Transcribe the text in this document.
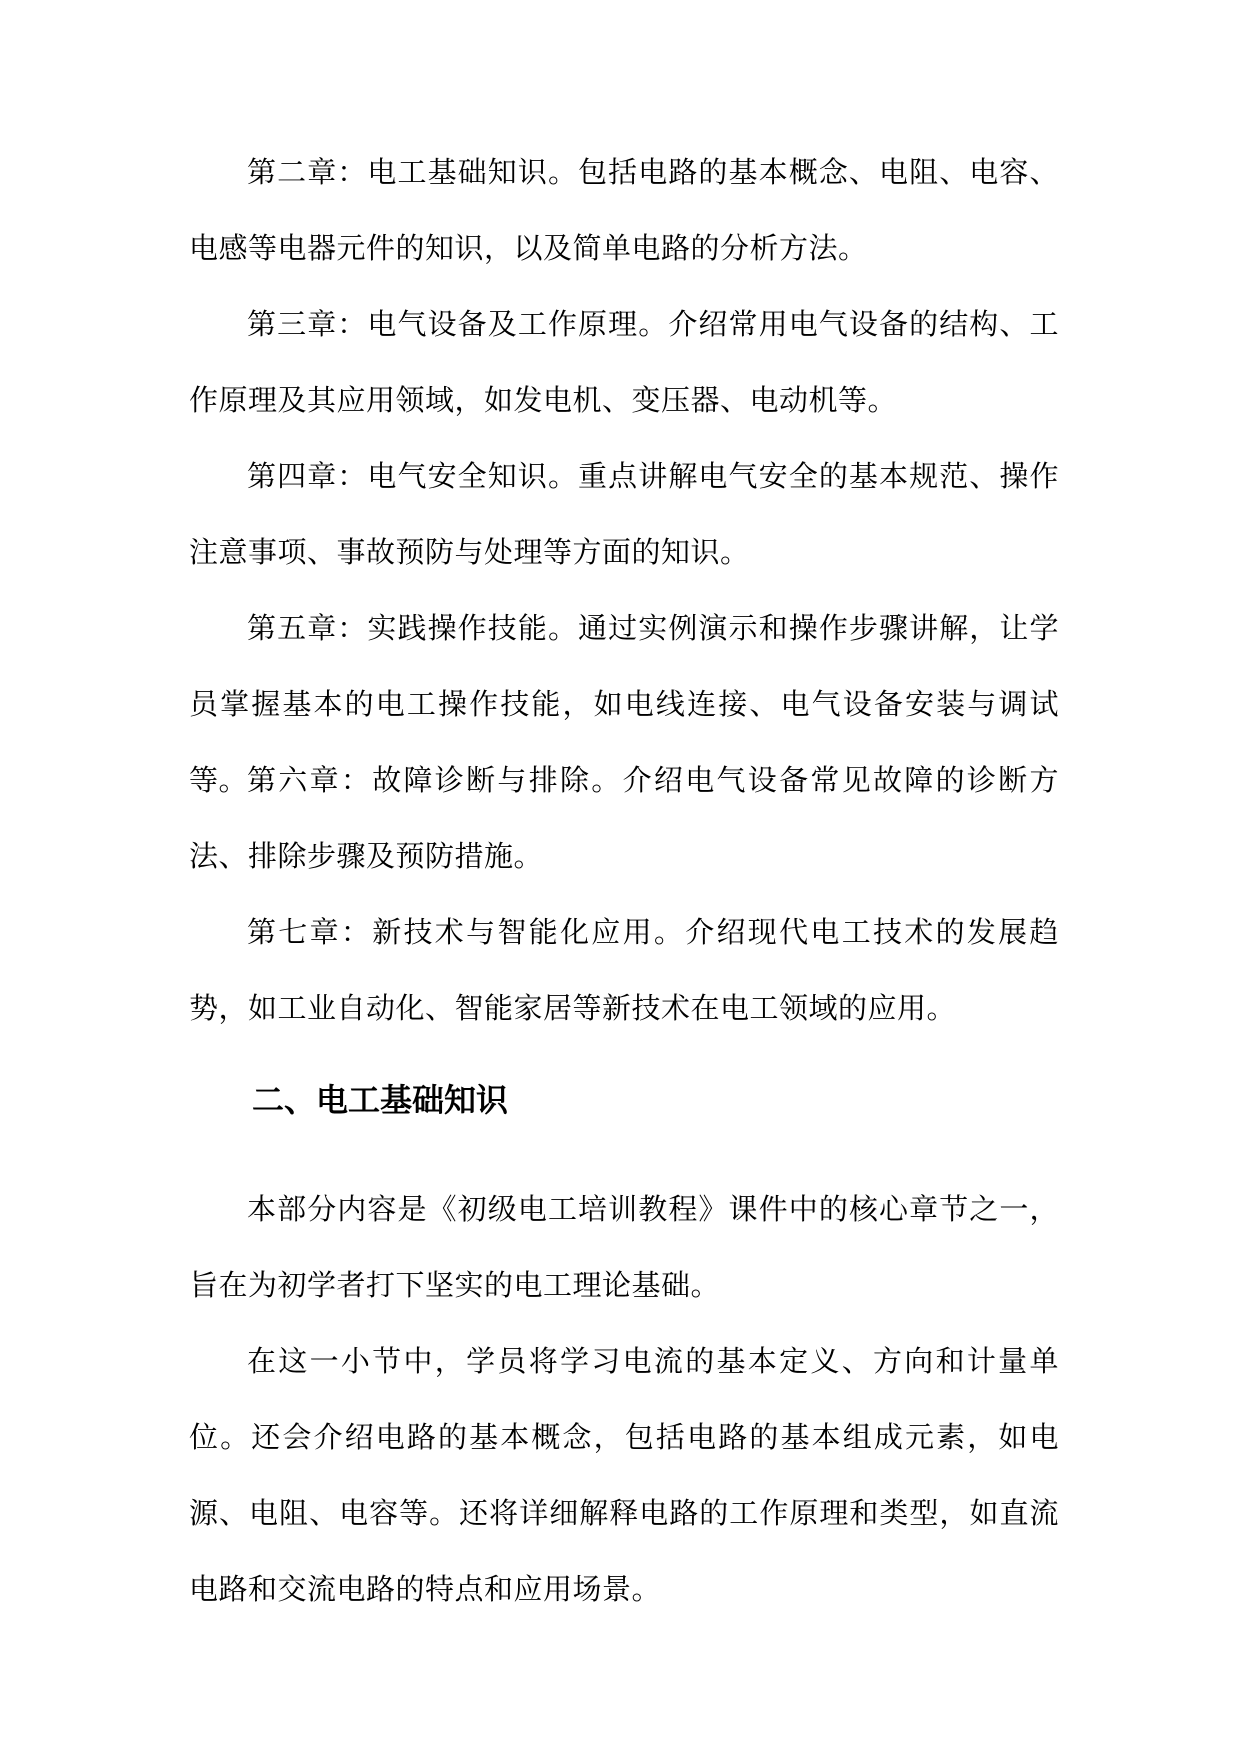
第二章：电工基础知识。包括电路的基本概念、电阻、电容、电感等电器元件的知识，以及简单电路的分析方法。

第三章：电气设备及工作原理。介绍常用电气设备的结构、工作原理及其应用领域，如发电机、变压器、电动机等。

第四章：电气安全知识。重点讲解电气安全的基本规范、操作注意事项、事故预防与处理等方面的知识。

第五章：实践操作技能。通过实例演示和操作步骤讲解，让学员掌握基本的电工操作技能，如电线连接、电气设备安装与调试等。

第六章：故障诊断与排除。介绍电气设备常见故障的诊断方法、排除步骤及预防措施。

第七章：新技术与智能化应用。介绍现代电工技术的发展趋势，如工业自动化、智能家居等新技术在电工领域的应用。

二、电工基础知识

本部分内容是《初级电工培训教程》课件中的核心章节之一，旨在为初学者打下坚实的电工理论基础。

在这一小节中，学员将学习电流的基本定义、方向和计量单位。还会介绍电路的基本概念，包括电路的基本组成元素，如电源、电阻、电容等。还将详细解释电路的工作原理和类型，如直流电路和交流电路的特点和应用场景。
